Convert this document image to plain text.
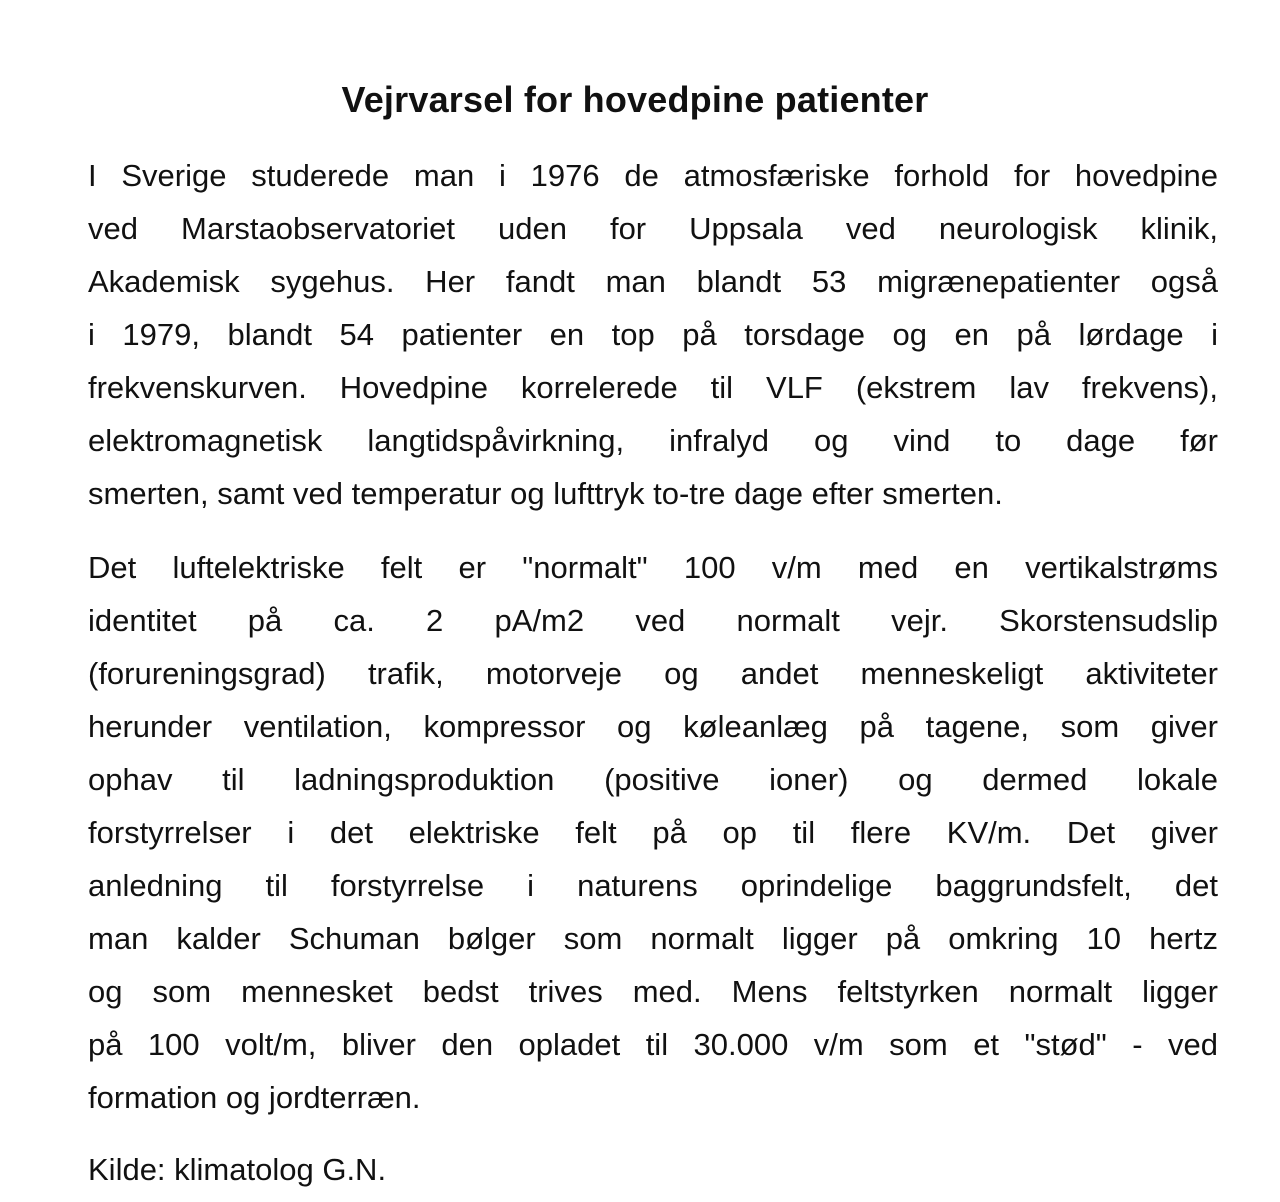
Vejrvarsel for hovedpine patienter
I Sverige studerede man i 1976 de atmosfæriske forhold for hovedpine
ved Marstaobservatoriet uden for Uppsala ved neurologisk klinik,
Akademisk sygehus. Her fandt man blandt 53 migrænepatienter også
i 1979, blandt 54 patienter en top på torsdage og en på lørdage i
frekvenskurven. Hovedpine korrelerede til VLF (ekstrem lav frekvens),
elektromagnetisk langtidspåvirkning, infralyd og vind to dage før
smerten, samt ved temperatur og lufttryk to-tre dage efter smerten.
Det luftelektriske felt er "normalt" 100 v/m med en vertikalstrøms
identitet på ca. 2 pA/m2 ved normalt vejr. Skorstensudslip
(forureningsgrad) trafik, motorveje og andet menneskeligt aktiviteter
herunder ventilation, kompressor og køleanlæg på tagene, som giver
ophav til ladningsproduktion (positive ioner) og dermed lokale
forstyrrelser i det elektriske felt på op til flere KV/m. Det giver
anledning til forstyrrelse i naturens oprindelige baggrundsfelt, det
man kalder Schuman bølger som normalt ligger på omkring 10 hertz
og som mennesket bedst trives med. Mens feltstyrken normalt ligger
på 100 volt/m, bliver den opladet til 30.000 v/m som et "stød" - ved
formation og jordterræn.
Kilde: klimatolog G.N.
